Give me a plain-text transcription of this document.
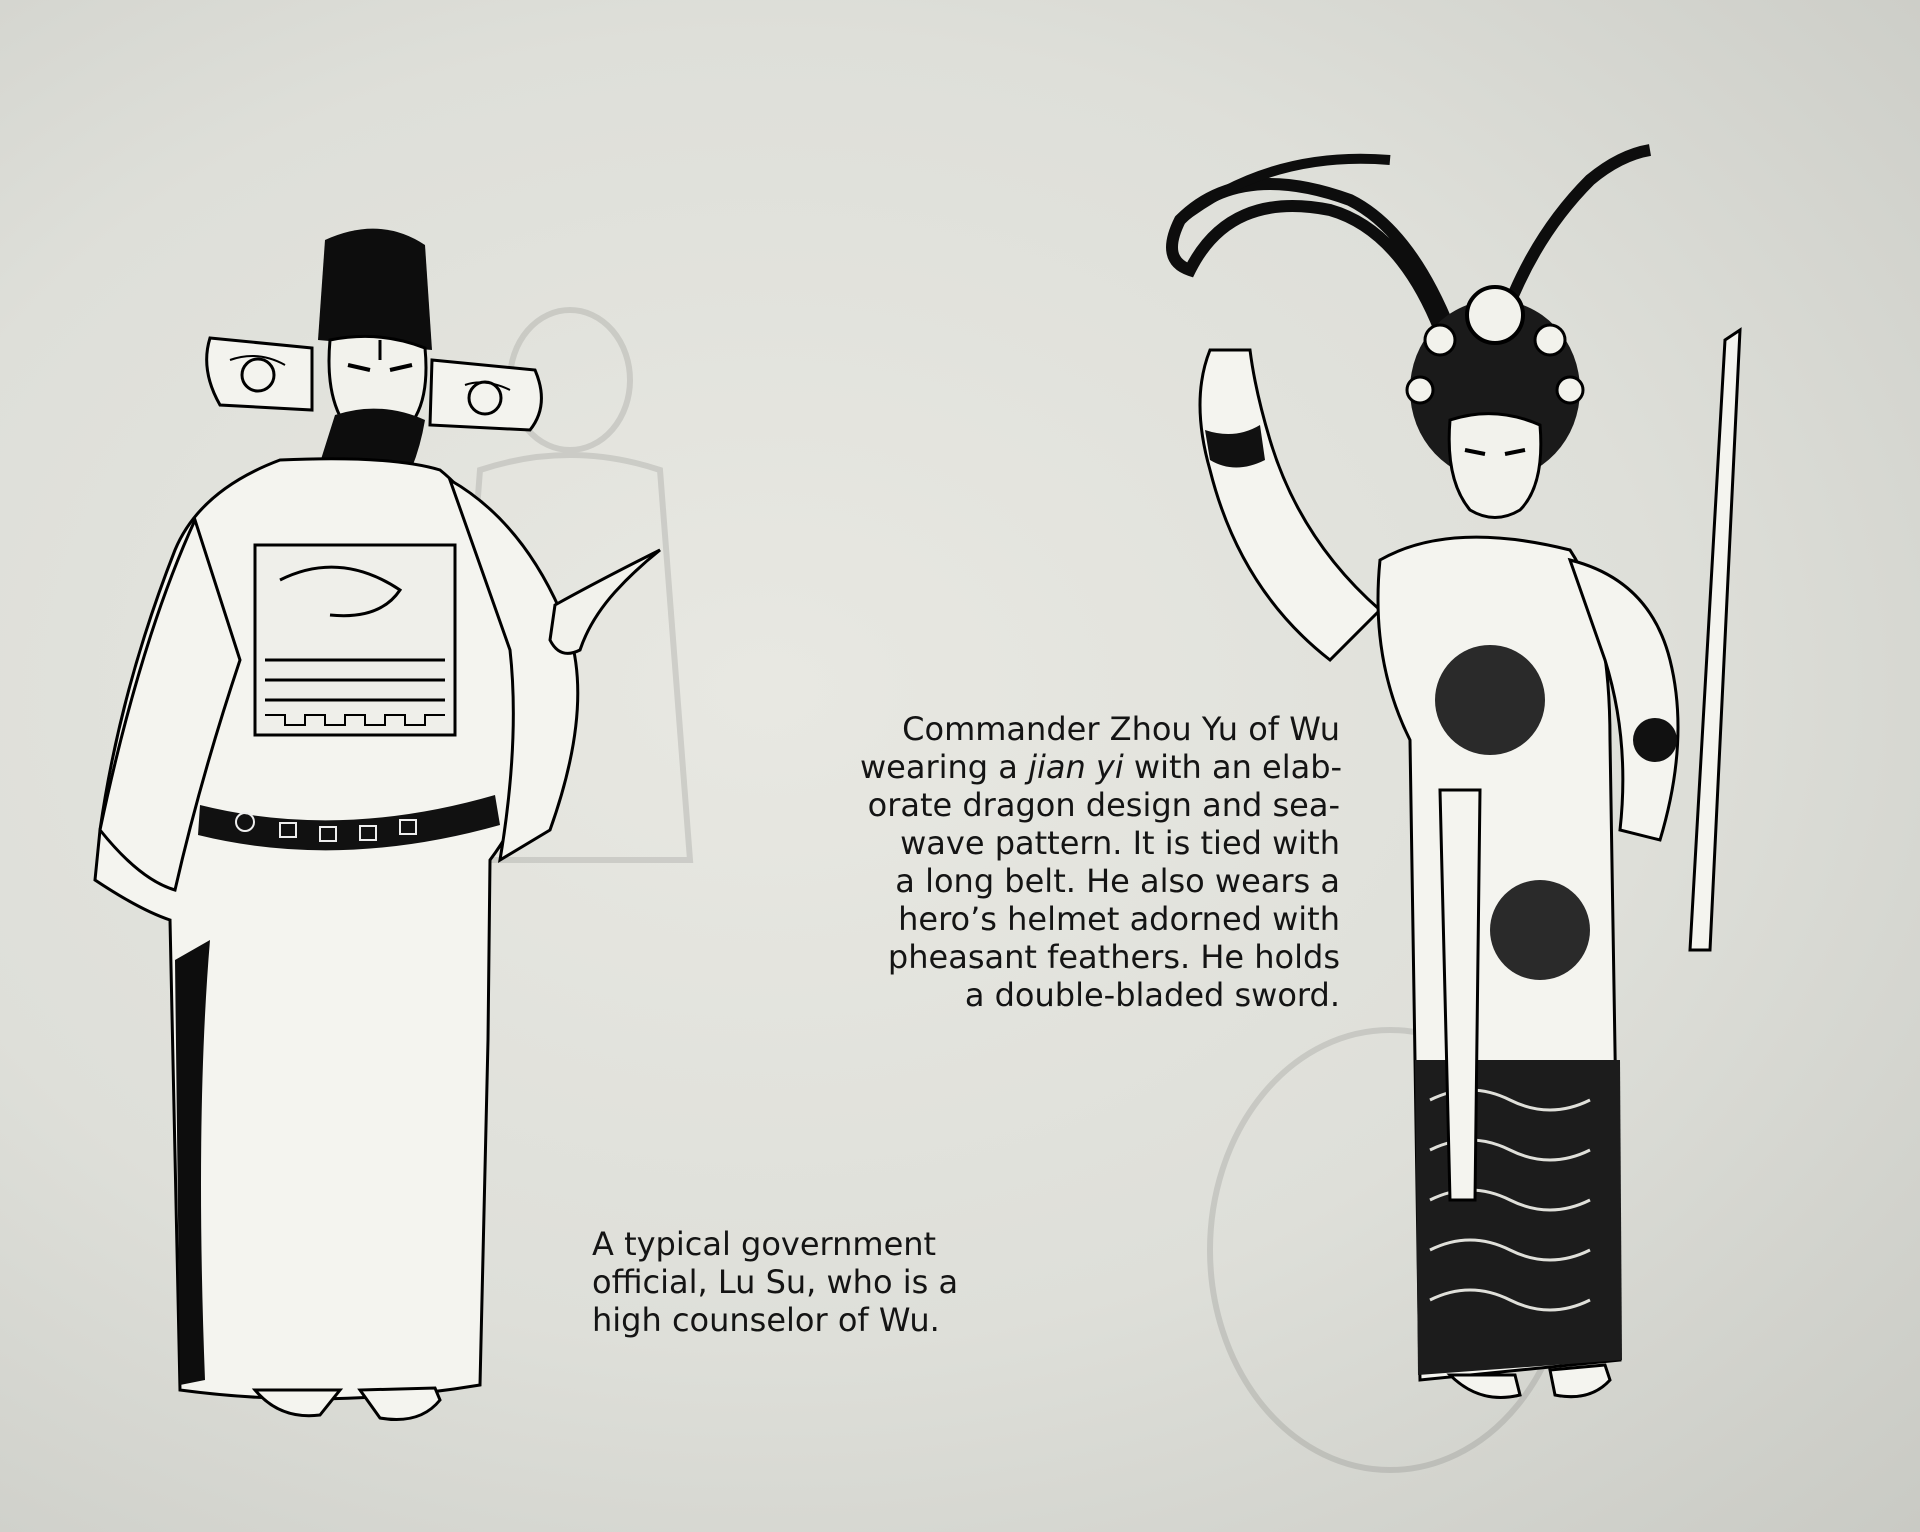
Commander Zhou Yu of Wu
wearing a jian yi with an elab-
orate dragon design and sea-
wave pattern. It is tied with
a long belt. He also wears a
hero’s helmet adorned with
pheasant feathers. He holds
a double-bladed sword.
A typical government
official, Lu Su, who is a
high counselor of Wu.
